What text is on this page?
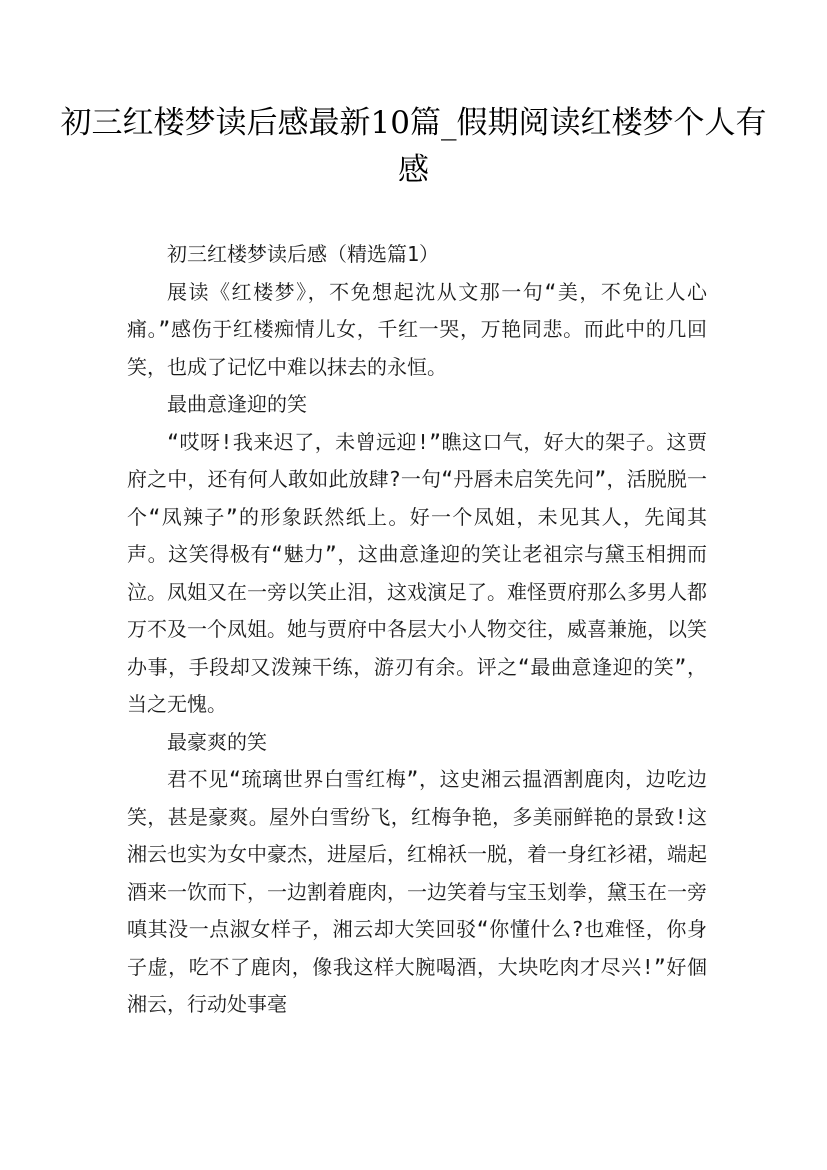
初三红楼梦读后感最新10篇_假期阅读红楼梦个人有感

初三红楼梦读后感（精选篇1）

展读《红楼梦》，不免想起沈从文那一句“美，不免让人心痛。”感伤于红楼痴情儿女，千红一哭，万艳同悲。而此中的几回笑，也成了记忆中难以抹去的永恒。

最曲意逢迎的笑

“哎呀!我来迟了，未曾远迎!”瞧这口气，好大的架子。这贾府之中，还有何人敢如此放肆?一句“丹唇未启笑先问”，活脱脱一个“凤辣子”的形象跃然纸上。好一个凤姐，未见其人，先闻其声。这笑得极有“魅力”，这曲意逢迎的笑让老祖宗与黛玉相拥而泣。凤姐又在一旁以笑止泪，这戏演足了。难怪贾府那么多男人都万不及一个凤姐。她与贾府中各层大小人物交往，威喜兼施，以笑办事，手段却又泼辣干练，游刃有余。评之“最曲意逢迎的笑”，当之无愧。

最豪爽的笑

君不见“琉璃世界白雪红梅”，这史湘云揾酒割鹿肉，边吃边笑，甚是豪爽。屋外白雪纷飞，红梅争艳，多美丽鲜艳的景致!这湘云也实为女中豪杰，进屋后，红棉袄一脱，着一身红衫裙，端起酒来一饮而下，一边割着鹿肉，一边笑着与宝玉划拳，黛玉在一旁嗔其没一点淑女样子，湘云却大笑回驳“你懂什么?也难怪，你身子虚，吃不了鹿肉，像我这样大腕喝酒，大块吃肉才尽兴!”好個湘云，行动处事毫
